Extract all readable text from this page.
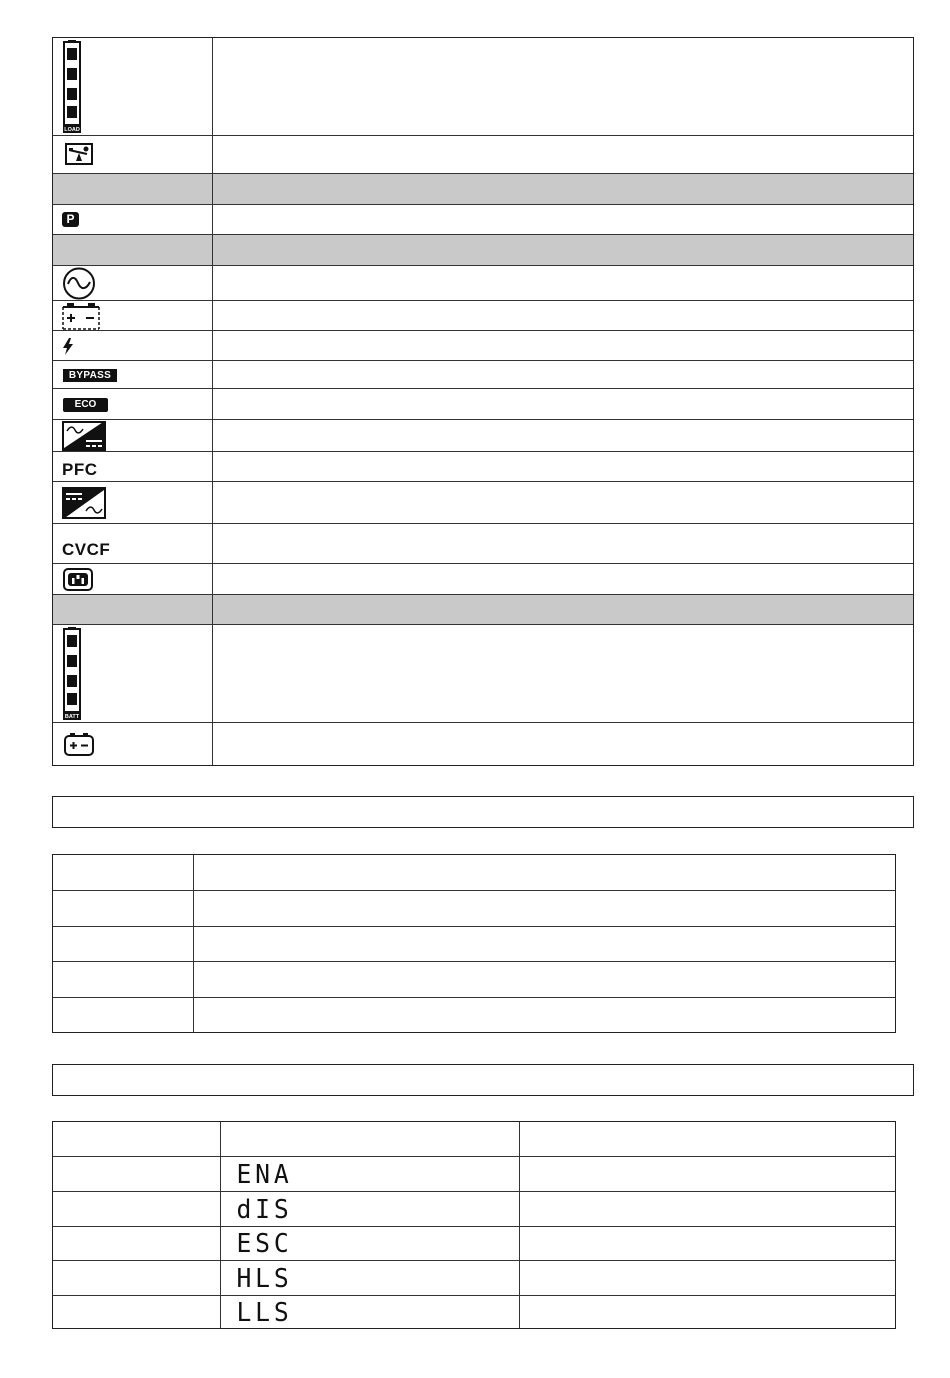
LOAD
P
BYPASS
ECO
PFC
CVCF
BATT
ENA
dIS
ESC
HLS
LLS
